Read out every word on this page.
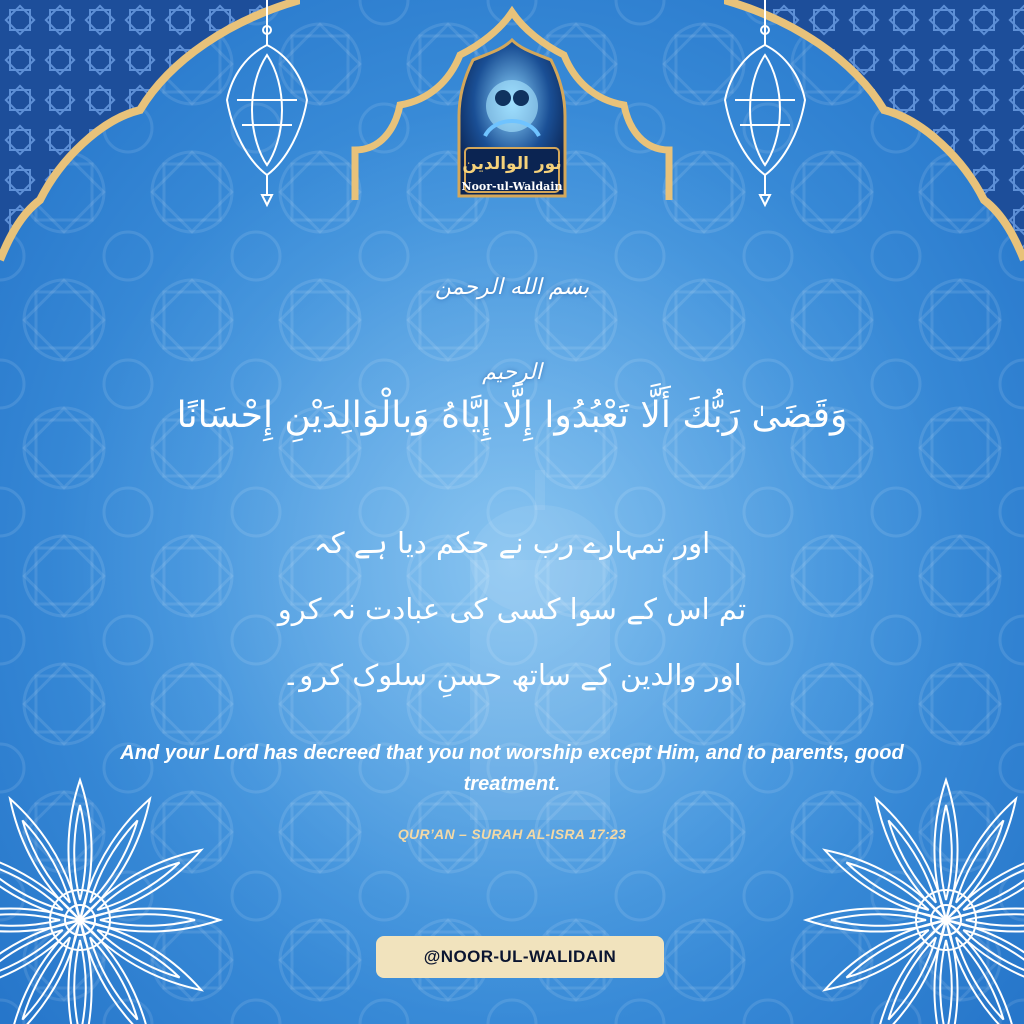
نور الوالدین
Noor-ul-Waldain
بسم الله الرحمن الرحيم
وَقَضَىٰ رَبُّكَ أَلَّا تَعْبُدُوا إِلَّا إِيَّاهُ وَبالْوَالِدَيْنِ إِحْسَانًا
اور تمہارے رب نے حکم دیا ہے کہ
تم اس کے سوا کسی کی عبادت نہ کرو
اور والدین کے ساتھ حسنِ سلوک کرو۔
And your Lord has decreed that you not worship except Him, and to parents, good treatment.
QUR’AN – SURAH AL-ISRA 17:23
@NOOR-UL-WALIDAIN
